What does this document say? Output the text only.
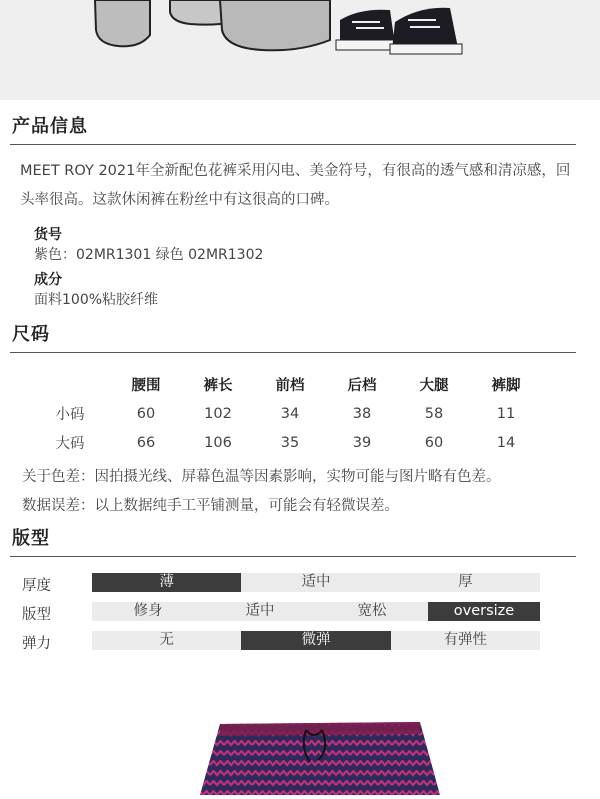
产品信息
MEET ROY 2021年全新配色花裤采用闪电、美金符号，有很高的透气感和清凉感，回头率很高。这款休闲裤在粉丝中有这很高的口碑。
货号
紫色：02MR1301 绿色 02MR1302
成分
面料100%粘胶纤维
尺码
	腰围	裤长	前档	后档	大腿	裤脚
小码	60	102	34	38	58	11
大码	66	106	35	39	60	14
关于色差：因拍摄光线、屏幕色温等因素影响，实物可能与图片略有色差。
数据误差：以上数据纯手工平铺测量，可能会有轻微误差。
版型
厚度	薄	适中	厚
版型	修身	适中	宽松	oversize
弹力	无	微弹	有弹性
